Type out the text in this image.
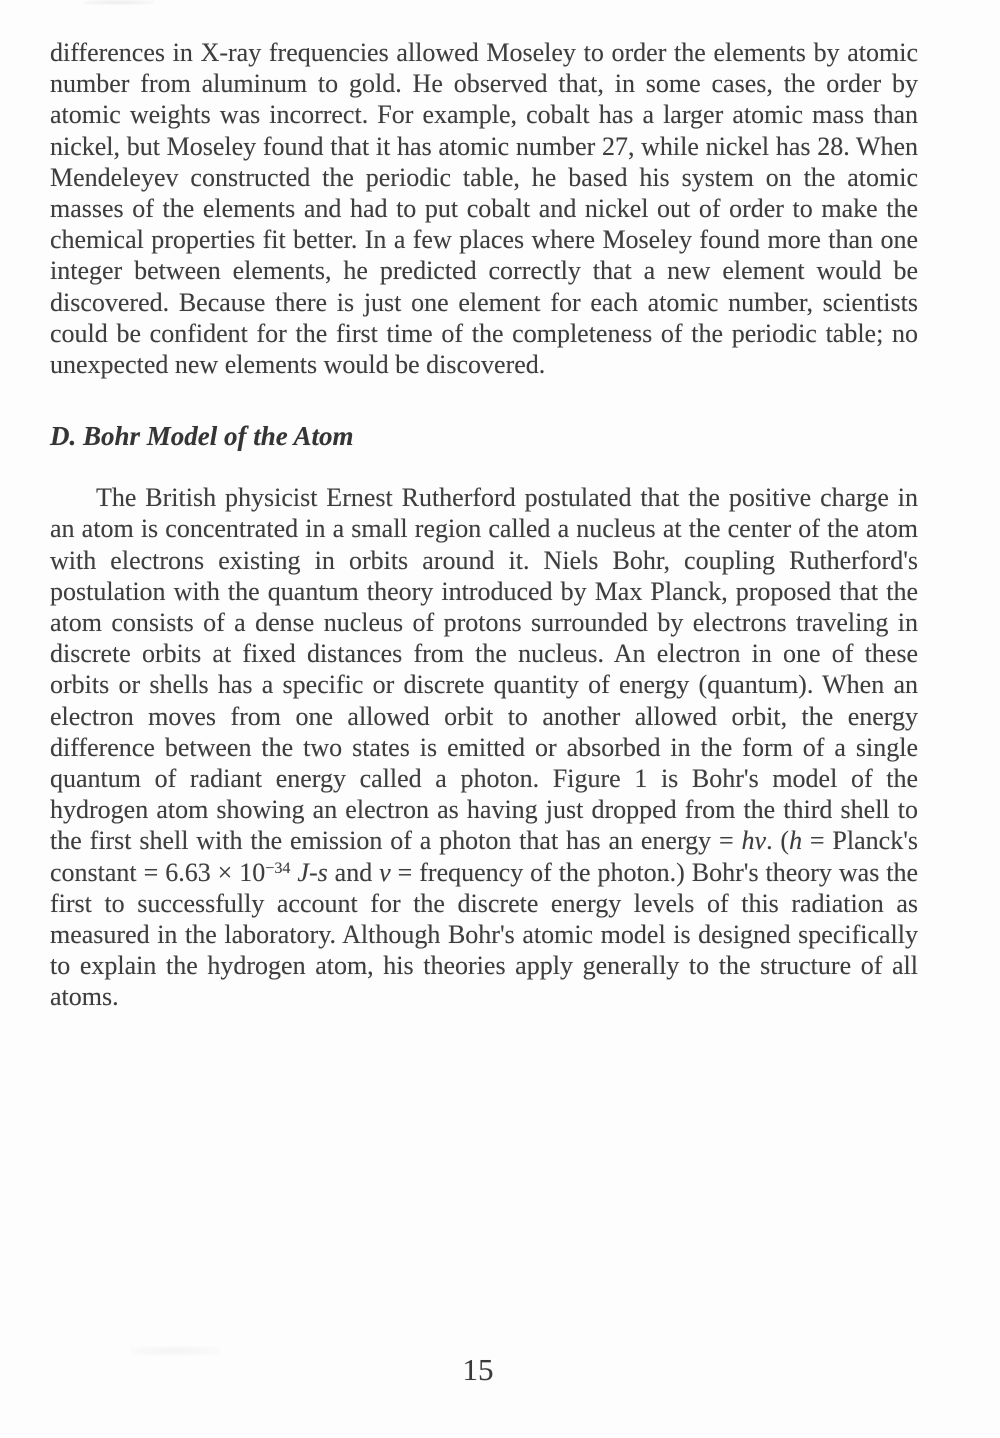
differences in X-ray frequencies allowed Moseley to order the elements by atomic number from aluminum to gold. He observed that, in some cases, the order by atomic weights was incorrect. For example, cobalt has a larger atomic mass than nickel, but Moseley found that it has atomic number 27, while nickel has 28. When Mendeleyev constructed the periodic table, he based his system on the atomic masses of the elements and had to put cobalt and nickel out of order to make the chemical properties fit better. In a few places where Moseley found more than one integer between elements, he predicted correctly that a new element would be discovered. Because there is just one element for each atomic number, scientists could be confident for the first time of the completeness of the periodic table; no unexpected new elements would be discovered.

D. Bohr Model of the Atom

The British physicist Ernest Rutherford postulated that the positive charge in an atom is concentrated in a small region called a nucleus at the center of the atom with electrons existing in orbits around it. Niels Bohr, coupling Rutherford's postulation with the quantum theory introduced by Max Planck, proposed that the atom consists of a dense nucleus of protons surrounded by electrons traveling in discrete orbits at fixed distances from the nucleus. An electron in one of these orbits or shells has a specific or discrete quantity of energy (quantum). When an electron moves from one allowed orbit to another allowed orbit, the energy difference between the two states is emitted or absorbed in the form of a single quantum of radiant energy called a photon. Figure 1 is Bohr's model of the hydrogen atom showing an electron as having just dropped from the third shell to the first shell with the emission of a photon that has an energy = hv. (h = Planck's constant = $6.63 \times 10^{-34}$ J-s and v = frequency of the photon.) Bohr's theory was the first to successfully account for the discrete energy levels of this radiation as measured in the laboratory. Although Bohr's atomic model is designed specifically to explain the hydrogen atom, his theories apply generally to the structure of all atoms.

15
